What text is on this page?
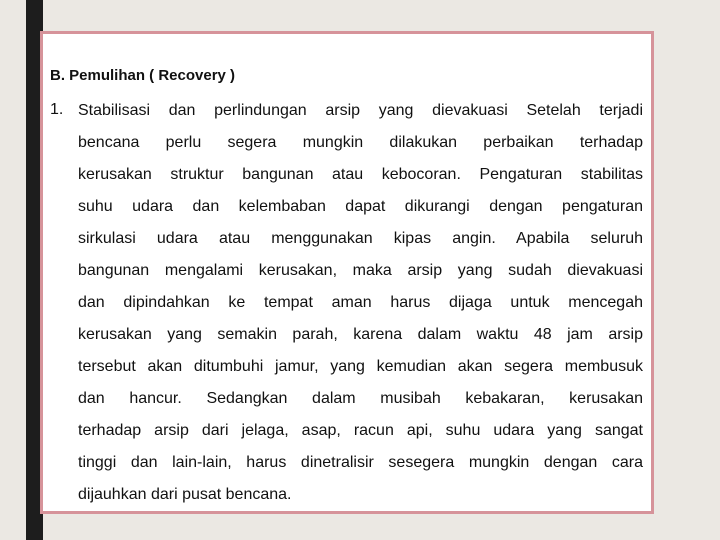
B. Pemulihan ( Recovery )
1. Stabilisasi dan perlindungan arsip yang dievakuasi Setelah terjadi
bencana perlu segera mungkin dilakukan perbaikan terhadap
kerusakan struktur bangunan atau kebocoran. Pengaturan stabilitas
suhu udara dan kelembaban dapat dikurangi dengan pengaturan
sirkulasi udara atau menggunakan kipas angin. Apabila seluruh
bangunan mengalami kerusakan, maka arsip yang sudah dievakuasi
dan dipindahkan ke tempat aman harus dijaga untuk mencegah
kerusakan yang semakin parah, karena dalam waktu 48 jam arsip
tersebut akan ditumbuhi jamur, yang kemudian akan segera membusuk
dan hancur. Sedangkan dalam musibah kebakaran, kerusakan
terhadap arsip dari jelaga, asap, racun api, suhu udara yang sangat
tinggi dan lain-lain, harus dinetralisir sesegera mungkin dengan cara
dijauhkan dari pusat bencana.
